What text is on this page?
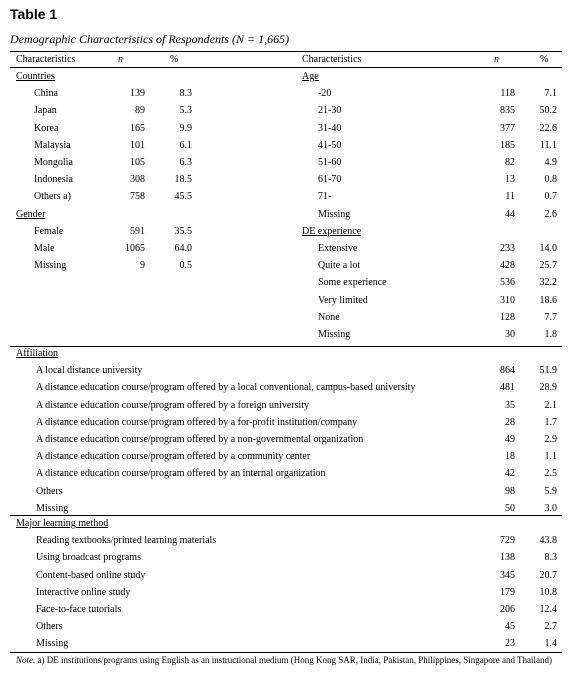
Table 1
Demographic Characteristics of Respondents (N = 1,665)
Characteristics	n	%	Characteristics	n	%
Countries
China	139	8.3
Japan	89	5.3
Korea	165	9.9
Malaysia	101	6.1
Mongolia	105	6.3
Indonesia	308	18.5
Others a)	758	45.5
Gender
Female	591	35.5
Male	1065	64.0
Missing	9	0.5
Age
-20	118	7.1
21-30	835	50.2
31-40	377	22.6
41-50	185	11.1
51-60	82	4.9
61-70	13	0.8
71-	11	0.7
Missing	44	2.6
DE experience
Extensive	233	14.0
Quite a lot	428	25.7
Some experience	536	32.2
Very limited	310	18.6
None	128	7.7
Missing	30	1.8
Affiliation
A local distance university	864	51.9
A distance education course/program offered by a local conventional, campus-based university	481	28.9
A distance education course/program offered by a foreign university	35	2.1
A distance education course/program offered by a for-profit institution/company	28	1.7
A distance education course/program offered by a non-governmental organization	49	2.9
A distance education course/program offered by a community center	18	1.1
A distance education course/program offered by an internal organization	42	2.5
Others	98	5.9
Missing	50	3.0
Major learning method
Reading textbooks/printed learning materials	729	43.8
Using broadcast programs	138	8.3
Content-based online study	345	20.7
Interactive online study	179	10.8
Face-to-face tutorials	206	12.4
Others	45	2.7
Missing	23	1.4
Note. a) DE institutions/programs using English as an instructional medium (Hong Kong SAR, India, Pakistan, Philippines, Singapore and Thailand)
